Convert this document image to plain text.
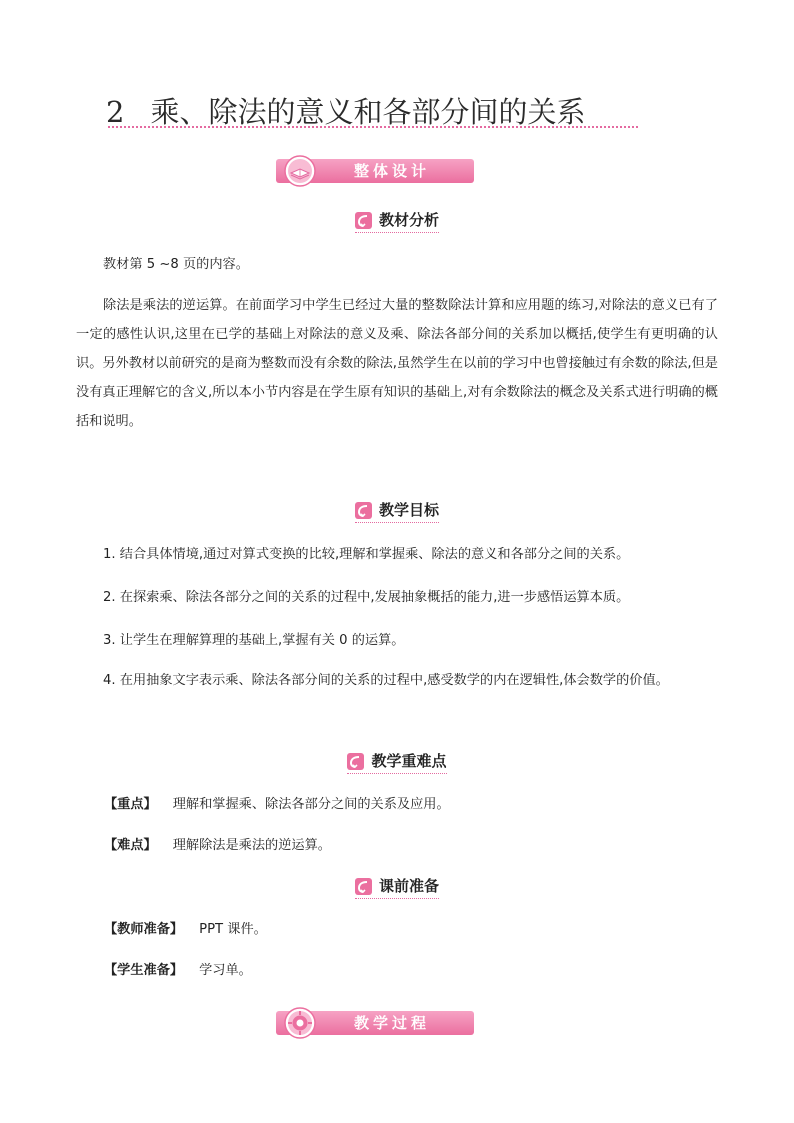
2 乘、除法的意义和各部分间的关系
整体设计
教材分析
教材第 5 ~8 页的内容。
除法是乘法的逆运算。在前面学习中学生已经过大量的整数除法计算和应用题的练习,对除法的意义已有了一定的感性认识,这里在已学的基础上对除法的意义及乘、除法各部分间的关系加以概括,使学生有更明确的认识。另外教材以前研究的是商为整数而没有余数的除法,虽然学生在以前的学习中也曾接触过有余数的除法,但是没有真正理解它的含义,所以本小节内容是在学生原有知识的基础上,对有余数除法的概念及关系式进行明确的概括和说明。
教学目标
1. 结合具体情境,通过对算式变换的比较,理解和掌握乘、除法的意义和各部分之间的关系。
2. 在探索乘、除法各部分之间的关系的过程中,发展抽象概括的能力,进一步感悟运算本质。
3. 让学生在理解算理的基础上,掌握有关 0 的运算。
4. 在用抽象文字表示乘、除法各部分间的关系的过程中,感受数学的内在逻辑性,体会数学的价值。
教学重难点
【重点】 理解和掌握乘、除法各部分之间的关系及应用。
【难点】 理解除法是乘法的逆运算。
课前准备
【教师准备】 PPT 课件。
【学生准备】 学习单。
教学过程
